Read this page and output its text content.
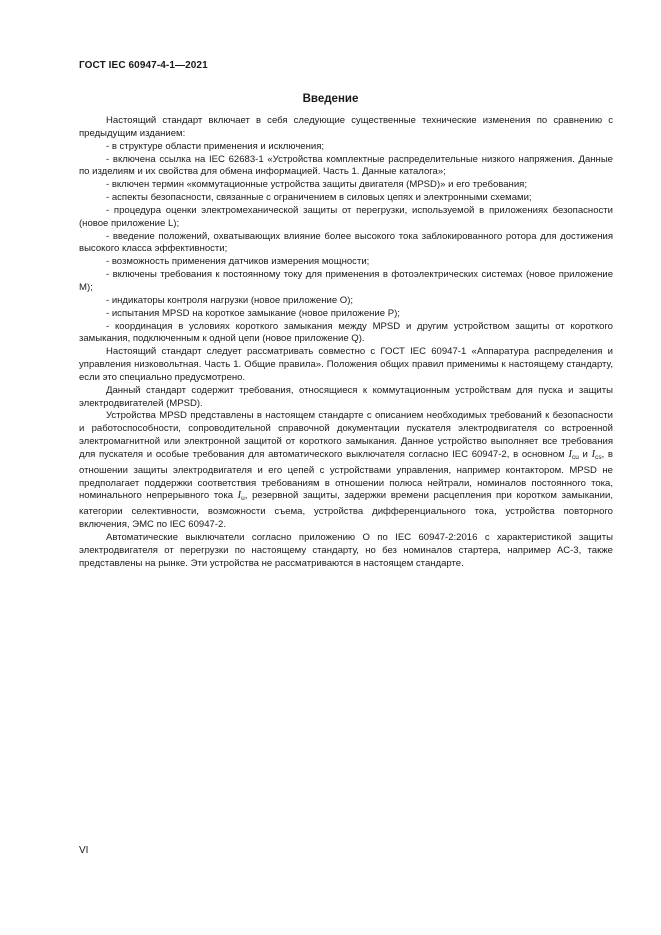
ГОСТ IEC 60947-4-1—2021
Введение

Настоящий стандарт включает в себя следующие существенные технические изменения по сравнению с предыдущим изданием:

- в структуре области применения и исключения;

- включена ссылка на IEC 62683-1 «Устройства комплектные распределительные низкого напряжения. Данные по изделиям и их свойства для обмена информацией. Часть 1. Данные каталога»;

- включен термин «коммутационные устройства защиты двигателя (MPSD)» и его требования;

- аспекты безопасности, связанные с ограничением в силовых цепях и электронными схемами;

- процедура оценки электромеханической защиты от перегрузки, используемой в приложениях безопасности (новое приложение L);

- введение положений, охватывающих влияние более высокого тока заблокированного ротора для достижения высокого класса эффективности;

- возможность применения датчиков измерения мощности;

- включены требования к постоянному току для применения в фотоэлектрических системах (новое приложение M);

- индикаторы контроля нагрузки (новое приложение O);

- испытания MPSD на короткое замыкание (новое приложение P);

- координация в условиях короткого замыкания между MPSD и другим устройством защиты от короткого замыкания, подключенным к одной цепи (новое приложение Q).

Настоящий стандарт следует рассматривать совместно с ГОСТ IEC 60947-1 «Аппаратура распределения и управления низковольтная. Часть 1. Общие правила». Положения общих правил применимы к настоящему стандарту, если это специально предусмотрено.

Данный стандарт содержит требования, относящиеся к коммутационным устройствам для пуска и защиты электродвигателей (MPSD).

Устройства MPSD представлены в настоящем стандарте с описанием необходимых требований к безопасности и работоспособности, сопроводительной справочной документации пускателя электродвигателя со встроенной электромагнитной или электронной защитой от короткого замыкания. Данное устройство выполняет все требования для пускателя и особые требования для автоматического выключателя согласно IEC 60947-2, в основном $I_{cu}$ и $I_{cs}$, в отношении защиты электродвигателя и его цепей с устройствами управления, например контактором. MPSD не предполагает поддержки соответствия требованиям в отношении полюса нейтрали, номиналов постоянного тока, номинального непрерывного тока $I_u$, резервной защиты, задержки времени расцепления при коротком замыкании, категории селективности, возможности съема, устройства дифференциального тока, устройства повторного включения, ЭМС по IEC 60947-2.

Автоматические выключатели согласно приложению O по IEC 60947-2:2016 с характеристикой защиты электродвигателя от перегрузки по настоящему стандарту, но без номиналов стартера, например АС-3, также представлены на рынке. Эти устройства не рассматриваются в настоящем стандарте.

VI
